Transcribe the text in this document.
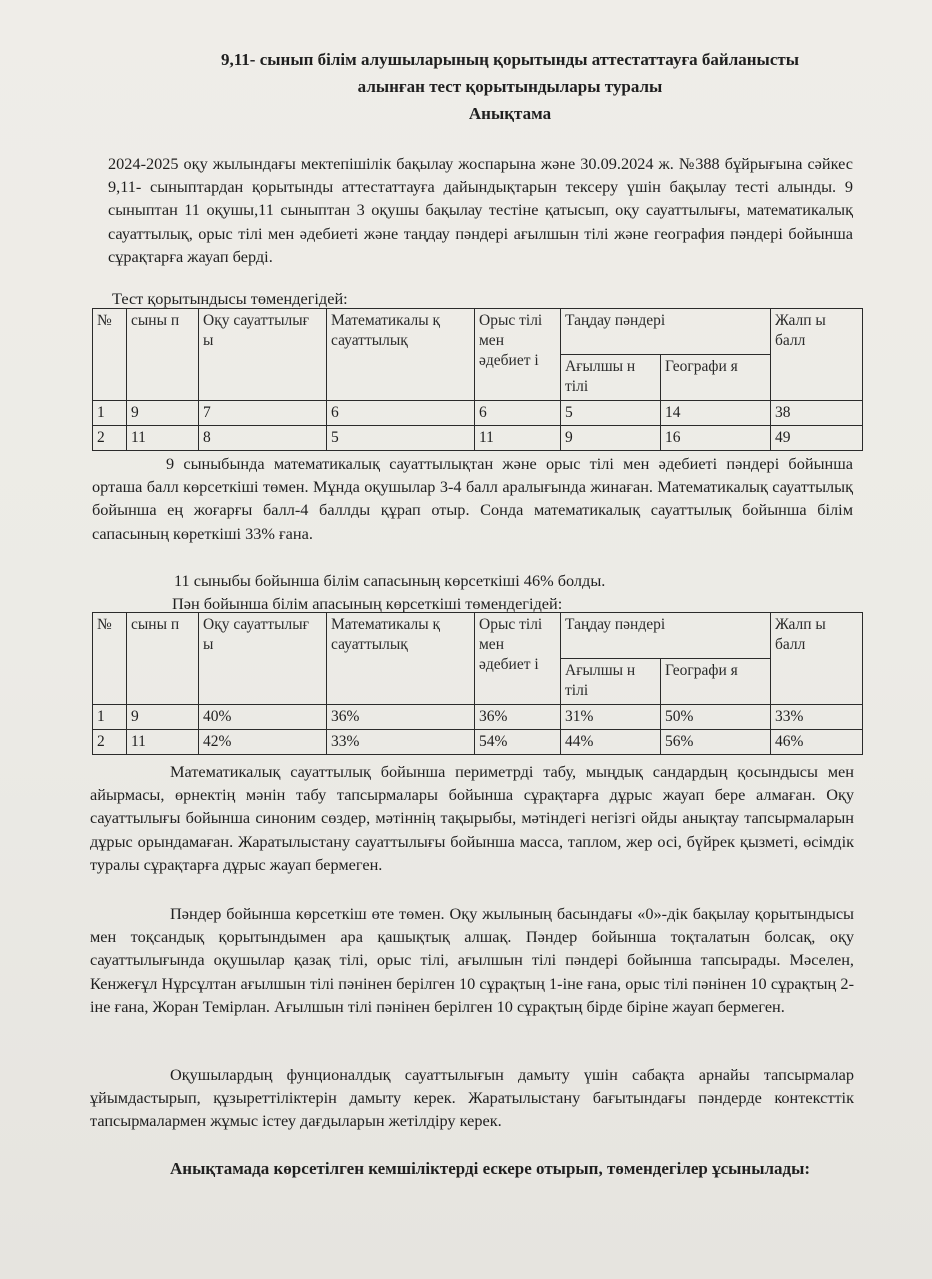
9,11- сынып білім алушыларының қорытынды аттестаттауға байланысты
алынған тест қорытындылары туралы
Анықтама
2024-2025 оқу жылындағы мектепішілік бақылау жоспарына және 30.09.2024 ж. №388 бұйрығына сәйкес 9,11- сыныптардан қорытынды аттестаттауға дайындықтарын тексеру үшін бақылау тесті алынды. 9 сыныптан 11 оқушы,11 сыныптан 3 оқушы бақылау тестіне қатысып, оқу сауаттылығы, математикалық сауаттылық, орыс тілі мен әдебиеті және таңдау пәндері ағылшын тілі және география пәндері бойынша сұрақтарға жауап берді.
Тест қорытындысы төмендегідей:
№	сыны п	Оқу сауаттылығ ы	Математикалы қ сауаттылық	Орыс тілі мен әдебиет і	Таңдау пәндері		Жалп ы балл
					Ағылшы н тілі	Географи я	
1	9	7	6	6	5	14	38
2	11	8	5	11	9	16	49
9 сыныбында математикалық сауаттылықтан және орыс тілі мен әдебиеті пәндері бойынша орташа балл көрсеткіші төмен. Мұнда оқушылар 3-4 балл аралығында жинаған. Математикалық сауаттылық бойынша ең жоғарғы балл-4 баллды құрап отыр. Сонда математикалық сауаттылық бойынша білім сапасының көреткіші 33% ғана.
11 сыныбы бойынша білім сапасының көрсеткіші 46% болды.
Пән бойынша білім апасының көрсеткіші төмендегідей:
№	сыны п	Оқу сауаттылығ ы	Математикалы қ сауаттылық	Орыс тілі мен әдебиет і	Таңдау пәндері		Жалп ы балл
					Ағылшы н тілі	Географи я	
1	9	40%	36%	36%	31%	50%	33%
2	11	42%	33%	54%	44%	56%	46%
Математикалық сауаттылық бойынша периметрді табу, мыңдық сандардың қосындысы мен айырмасы, өрнектің мәнін табу тапсырмалары бойынша сұрақтарға дұрыс жауап бере алмаған. Оқу сауаттылығы бойынша синоним сөздер, мәтіннің тақырыбы, мәтіндегі негізгі ойды анықтау тапсырмаларын дұрыс орындамаған. Жаратылыстану сауаттылығы бойынша масса, таплом, жер осі, бүйрек қызметі, өсімдік туралы сұрақтарға дұрыс жауап бермеген.
Пәндер бойынша көрсеткіш өте төмен. Оқу жылының басындағы «0»-дік бақылау қорытындысы мен тоқсандық қорытындымен ара қашықтық алшақ. Пәндер бойынша тоқталатын болсақ, оқу сауаттылығында оқушылар қазақ тілі, орыс тілі, ағылшын тілі пәндері бойынша тапсырады. Мәселен, Кенжеғұл Нұрсұлтан ағылшын тілі пәнінен берілген 10 сұрақтың 1-іне ғана, орыс тілі пәнінен 10 сұрақтың 2-іне ғана, Жоран Темірлан. Ағылшын тілі пәнінен берілген 10 сұрақтың бірде біріне жауап бермеген.
Оқушылардың фунционалдық сауаттылығын дамыту үшін сабақта арнайы тапсырмалар ұйымдастырып, құзыреттіліктерін дамыту керек. Жаратылыстану бағытындағы пәндерде контексттік тапсырмалармен жұмыс істеу дағдыларын жетілдіру керек.
Анықтамада көрсетілген кемшіліктерді ескере отырып, төмендегілер ұсынылады:
